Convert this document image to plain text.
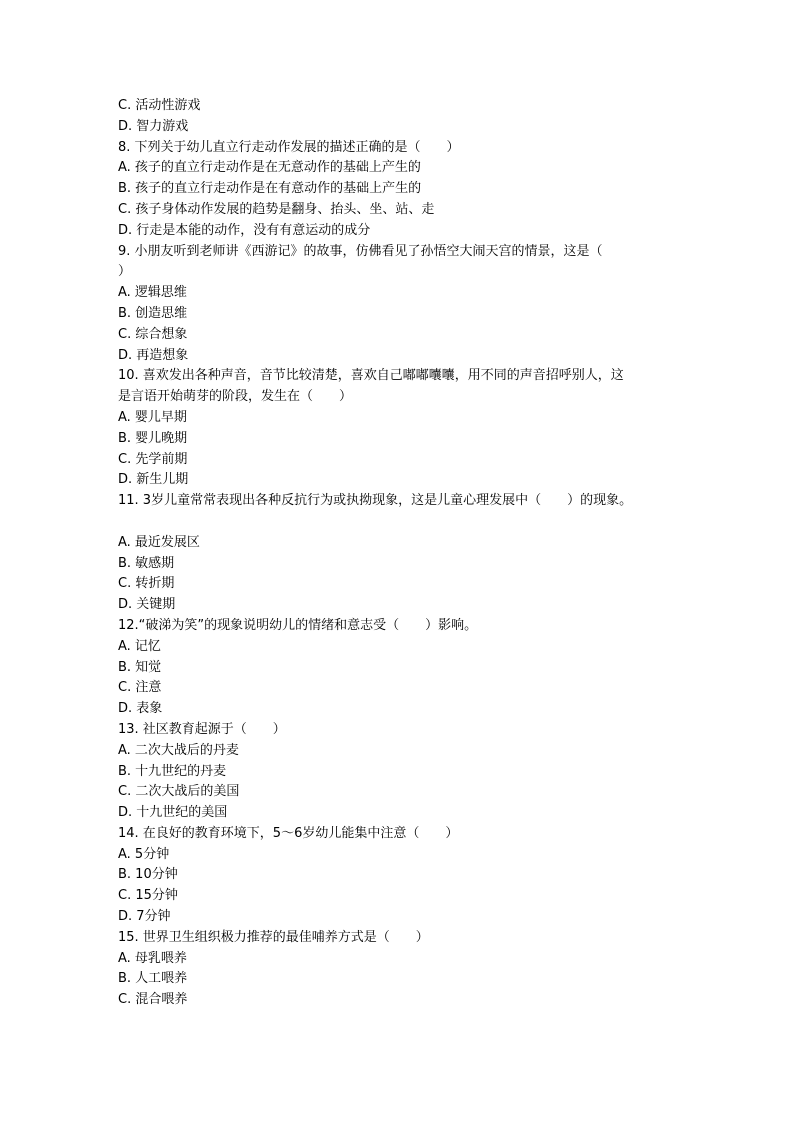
C. 活动性游戏
D. 智力游戏
8. 下列关于幼儿直立行走动作发展的描述正确的是（　　）
A. 孩子的直立行走动作是在无意动作的基础上产生的
B. 孩子的直立行走动作是在有意动作的基础上产生的
C. 孩子身体动作发展的趋势是翻身、抬头、坐、站、走
D. 行走是本能的动作，没有有意运动的成分
9. 小朋友听到老师讲《西游记》的故事，仿佛看见了孙悟空大闹天宫的情景，这是（
）
A. 逻辑思维
B. 创造思维
C. 综合想象
D. 再造想象
10. 喜欢发出各种声音，音节比较清楚，喜欢自己嘟嘟囔囔，用不同的声音招呼别人，这
是言语开始萌芽的阶段，发生在（　　）
A. 婴儿早期
B. 婴儿晚期
C. 先学前期
D. 新生儿期
11. 3岁儿童常常表现出各种反抗行为或执拗现象，这是儿童心理发展中（　　）的现象。
A. 最近发展区
B. 敏感期
C. 转折期
D. 关键期
12.“破涕为笑”的现象说明幼儿的情绪和意志受（　　）影响。
A. 记忆
B. 知觉
C. 注意
D. 表象
13. 社区教育起源于（　　）
A. 二次大战后的丹麦
B. 十九世纪的丹麦
C. 二次大战后的美国
D. 十九世纪的美国
14. 在良好的教育环境下，5～6岁幼儿能集中注意（　　）
A. 5分钟
B. 10分钟
C. 15分钟
D. 7分钟
15. 世界卫生组织极力推荐的最佳哺养方式是（　　）
A. 母乳喂养
B. 人工喂养
C. 混合喂养
